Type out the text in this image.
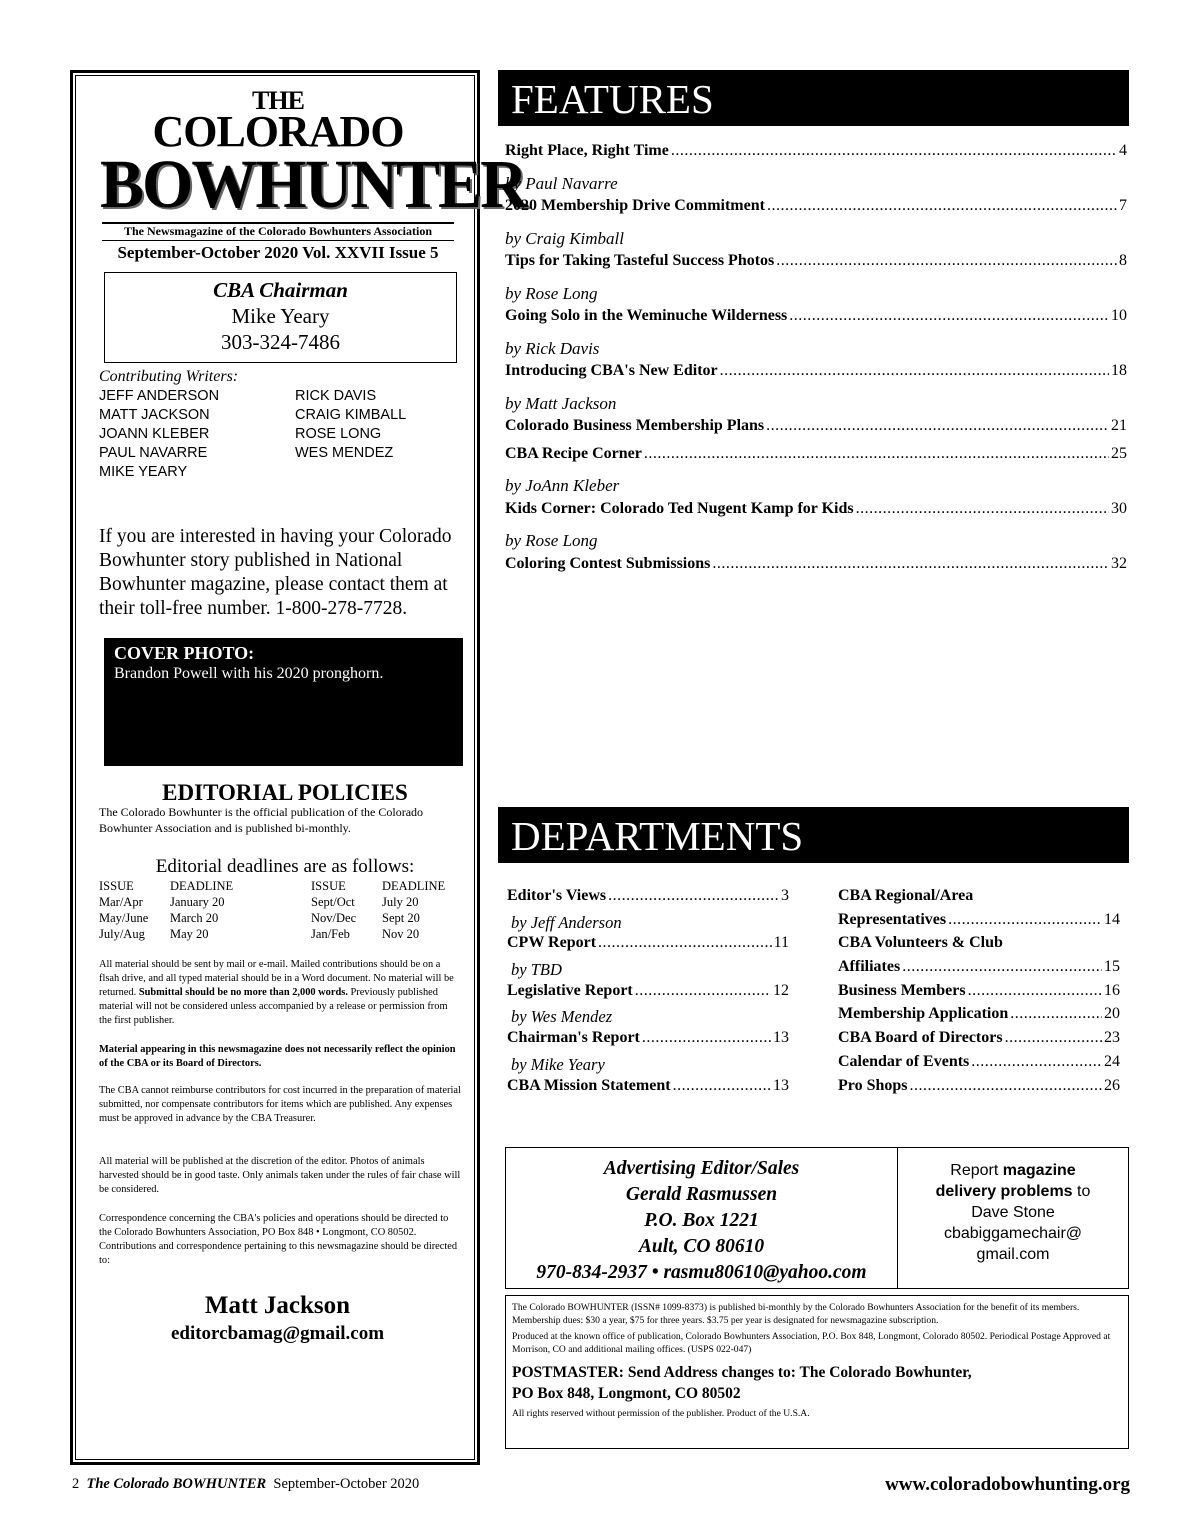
THE
COLORADO
BOWHUNTER
The Newsmagazine of the Colorado Bowhunters Association
September-October 2020 Vol. XXVII Issue 5
CBA Chairman
Mike Yeary
303-324-7486
Contributing Writers:
JEFF ANDERSON	RICK DAVIS
MATT JACKSON	CRAIG KIMBALL
JOANN KLEBER	ROSE LONG
PAUL NAVARRE	WES MENDEZ
MIKE YEARY
If you are interested in having your Colorado Bowhunter story published in National Bowhunter magazine, please contact them at their toll-free number. 1-800-278-7728.
COVER PHOTO:
Brandon Powell with his 2020 pronghorn.
EDITORIAL POLICIES
The Colorado Bowhunter is the official publication of the Colorado Bowhunter Association and is published bi-monthly.
Editorial deadlines are as follows:
ISSUE	DEADLINE	ISSUE	DEADLINE
Mar/Apr	January 20	Sept/Oct	July 20
May/June	March 20	Nov/Dec	Sept 20
July/Aug	May 20	Jan/Feb	Nov 20
All material should be sent by mail or e-mail. Mailed contributions should be on a flsah drive, and all typed material should be in a Word document. No material will be returned. Submittal should be no more than 2,000 words. Previously published material will not be considered unless accompanied by a release or permission from the first publisher.
Material appearing in this newsmagazine does not necessarily reflect the opinion of the CBA or its Board of Directors.
The CBA cannot reimburse contributors for cost incurred in the preparation of material submitted, nor compensate contributors for items which are published. Any expenses must be approved in advance by the CBA Treasurer.
All material will be published at the discretion of the editor. Photos of animals harvested should be in good taste. Only animals taken under the rules of fair chase will be considered.
Correspondence concerning the CBA's policies and operations should be directed to the Colorado Bowhunters Association, PO Box 848 • Longmont, CO 80502. Contributions and correspondence pertaining to this newsmagazine should be directed to:
Matt Jackson
editorcbamag@gmail.com
FEATURES
Right Place, Right Time .....	4
by Paul Navarre
2020 Membership Drive Commitment .....	7
by Craig Kimball
Tips for Taking Tasteful Success Photos .....	8
by Rose Long
Going Solo in the Weminuche Wilderness .....	10
by Rick Davis
Introducing CBA's New Editor .....	18
by Matt Jackson
Colorado Business Membership Plans .....	21
CBA Recipe Corner .....	25
by JoAnn Kleber
Kids Corner: Colorado Ted Nugent Kamp for Kids .....	30
by Rose Long
Coloring Contest Submissions .....	32
DEPARTMENTS
Editor's Views .....	3
by Jeff Anderson
CPW Report .....	11
by TBD
Legislative Report .....	12
by Wes Mendez
Chairman's Report .....	13
by Mike Yeary
CBA Mission Statement .....	13
CBA Regional/Area
Representatives .....	14
CBA Volunteers & Club
Affiliates .....	15
Business Members .....	16
Membership Application .....	20
CBA Board of Directors .....	23
Calendar of Events .....	24
Pro Shops .....	26
Advertising Editor/Sales
Gerald Rasmussen
P.O. Box 1221
Ault, CO 80610
970-834-2937 • rasmu80610@yahoo.com
Report magazine
delivery problems to
Dave Stone
cbabiggamechair@
gmail.com
The Colorado BOWHUNTER (ISSN# 1099-8373) is published bi-monthly by the Colorado Bowhunters Association for the benefit of its members. Membership dues: $30 a year, $75 for three years. $3.75 per year is designated for newsmagazine subscription.
Produced at the known office of publication, Colorado Bowhunters Association, P.O. Box 848, Longmont, Colorado 80502. Periodical Postage Approved at Morrison, CO and additional mailing offices. (USPS 022-047)
POSTMASTER: Send Address changes to: The Colorado Bowhunter,
PO Box 848, Longmont, CO 80502
All rights reserved without permission of the publisher. Product of the U.S.A.
2 The Colorado BOWHUNTER September-October 2020	www.coloradobowhunting.org
